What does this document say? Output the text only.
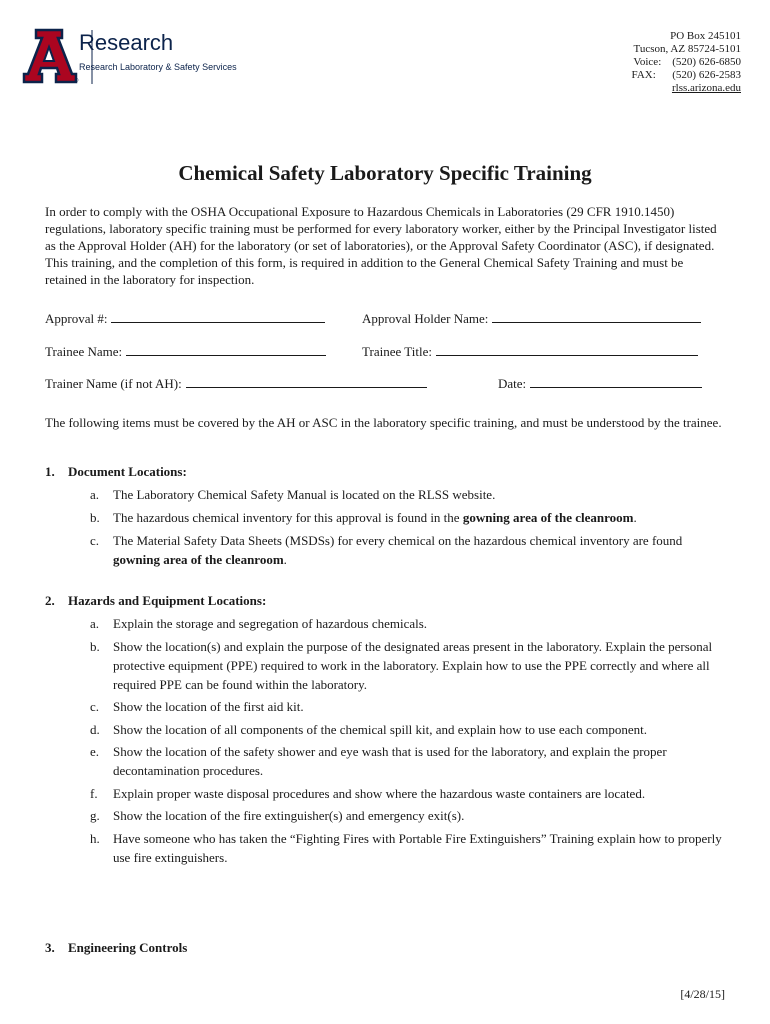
®
Research
Research Laboratory & Safety Services
PO Box 245101
Tucson, AZ 85724-5101
Voice:    (520) 626-6850
FAX:      (520) 626-2583
rlss.arizona.edu
Chemical Safety Laboratory Specific Training
In order to comply with the OSHA Occupational Exposure to Hazardous Chemicals in Laboratories (29 CFR 1910.1450) regulations, laboratory specific training must be performed for every laboratory worker, either by the Principal Investigator listed as the Approval Holder (AH) for the laboratory (or set of laboratories), or the Approval Safety Coordinator (ASC), if designated. This training, and the completion of this form, is required in addition to the General Chemical Safety Training and must be retained in the laboratory for inspection.
Approval #:	Approval Holder Name:
Trainee Name:	Trainee Title:
Trainer Name (if not AH):	Date:
The following items must be covered by the AH or ASC in the laboratory specific training, and must be understood by the trainee.
1. Document Locations:
a.	The Laboratory Chemical Safety Manual is located on the RLSS website.
b.	The hazardous chemical inventory for this approval is found in the gowning area of the cleanroom.
c.	The Material Safety Data Sheets (MSDSs) for every chemical on the hazardous chemical inventory are found gowning area of the cleanroom.
2. Hazards and Equipment Locations:
a.	Explain the storage and segregation of hazardous chemicals.
b.	Show the location(s) and explain the purpose of the designated areas present in the laboratory. Explain the personal protective equipment (PPE) required to work in the laboratory. Explain how to use the PPE correctly and where all required PPE can be found within the laboratory.
c.	Show the location of the first aid kit.
d.	Show the location of all components of the chemical spill kit, and explain how to use each component.
e.	Show the location of the safety shower and eye wash that is used for the laboratory, and explain the proper decontamination procedures.
f.	Explain proper waste disposal procedures and show where the hazardous waste containers are located.
g.	Show the location of the fire extinguisher(s) and emergency exit(s).
h.	Have someone who has taken the “Fighting Fires with Portable Fire Extinguishers” Training explain how to properly use fire extinguishers.
3. Engineering Controls
[4/28/15]
